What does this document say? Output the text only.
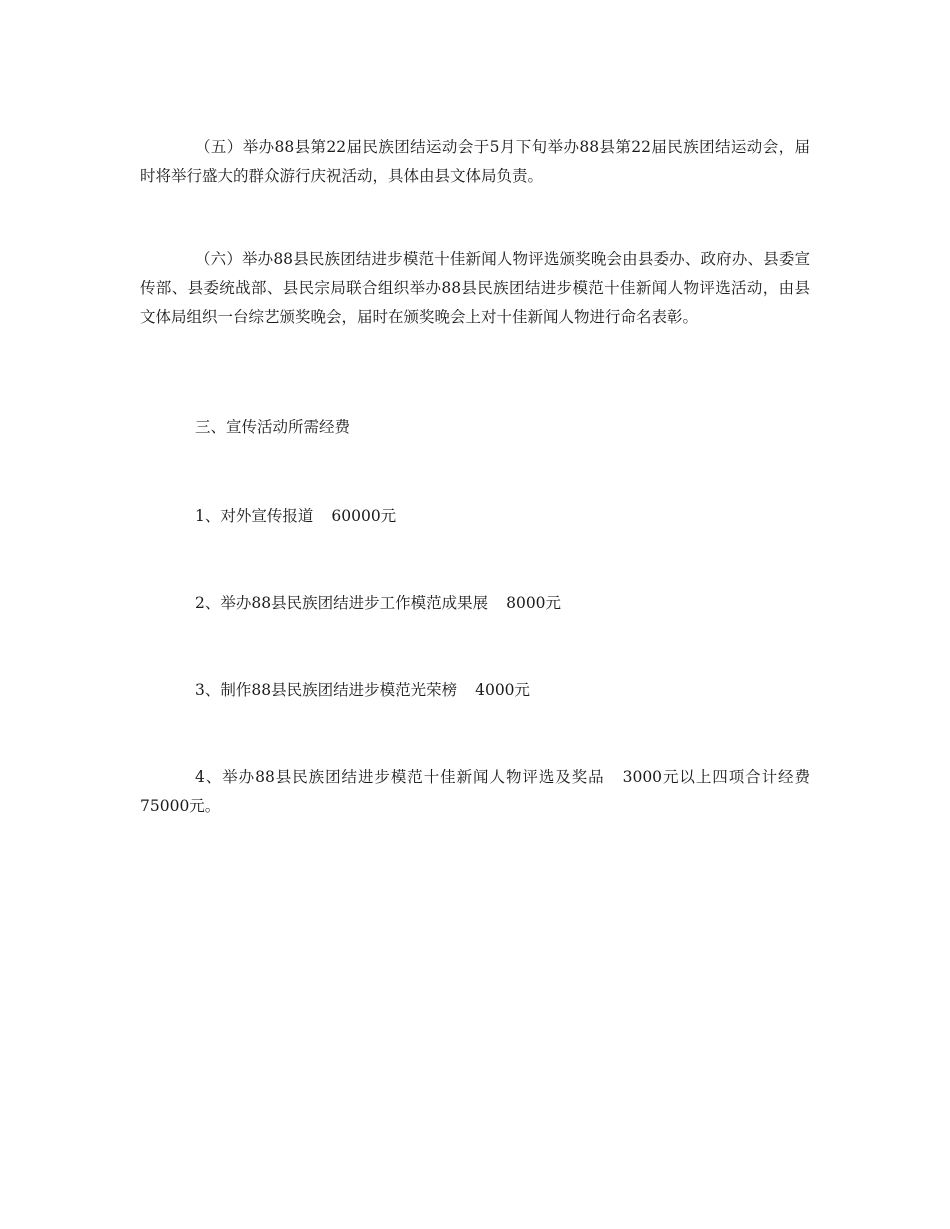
（五）举办88县第22届民族团结运动会于5月下旬举办88县第22届民族团结运动会，届时将举行盛大的群众游行庆祝活动，具体由县文体局负责。

（六）举办88县民族团结进步模范十佳新闻人物评选颁奖晚会由县委办、政府办、县委宣传部、县委统战部、县民宗局联合组织举办88县民族团结进步模范十佳新闻人物评选活动，由县文体局组织一台综艺颁奖晚会，届时在颁奖晚会上对十佳新闻人物进行命名表彰。

三、宣传活动所需经费

1、对外宣传报道 60000元

2、举办88县民族团结进步工作模范成果展 8000元

3、制作88县民族团结进步模范光荣榜 4000元

4、举办88县民族团结进步模范十佳新闻人物评选及奖品 3000元以上四项合计经费75000元。
